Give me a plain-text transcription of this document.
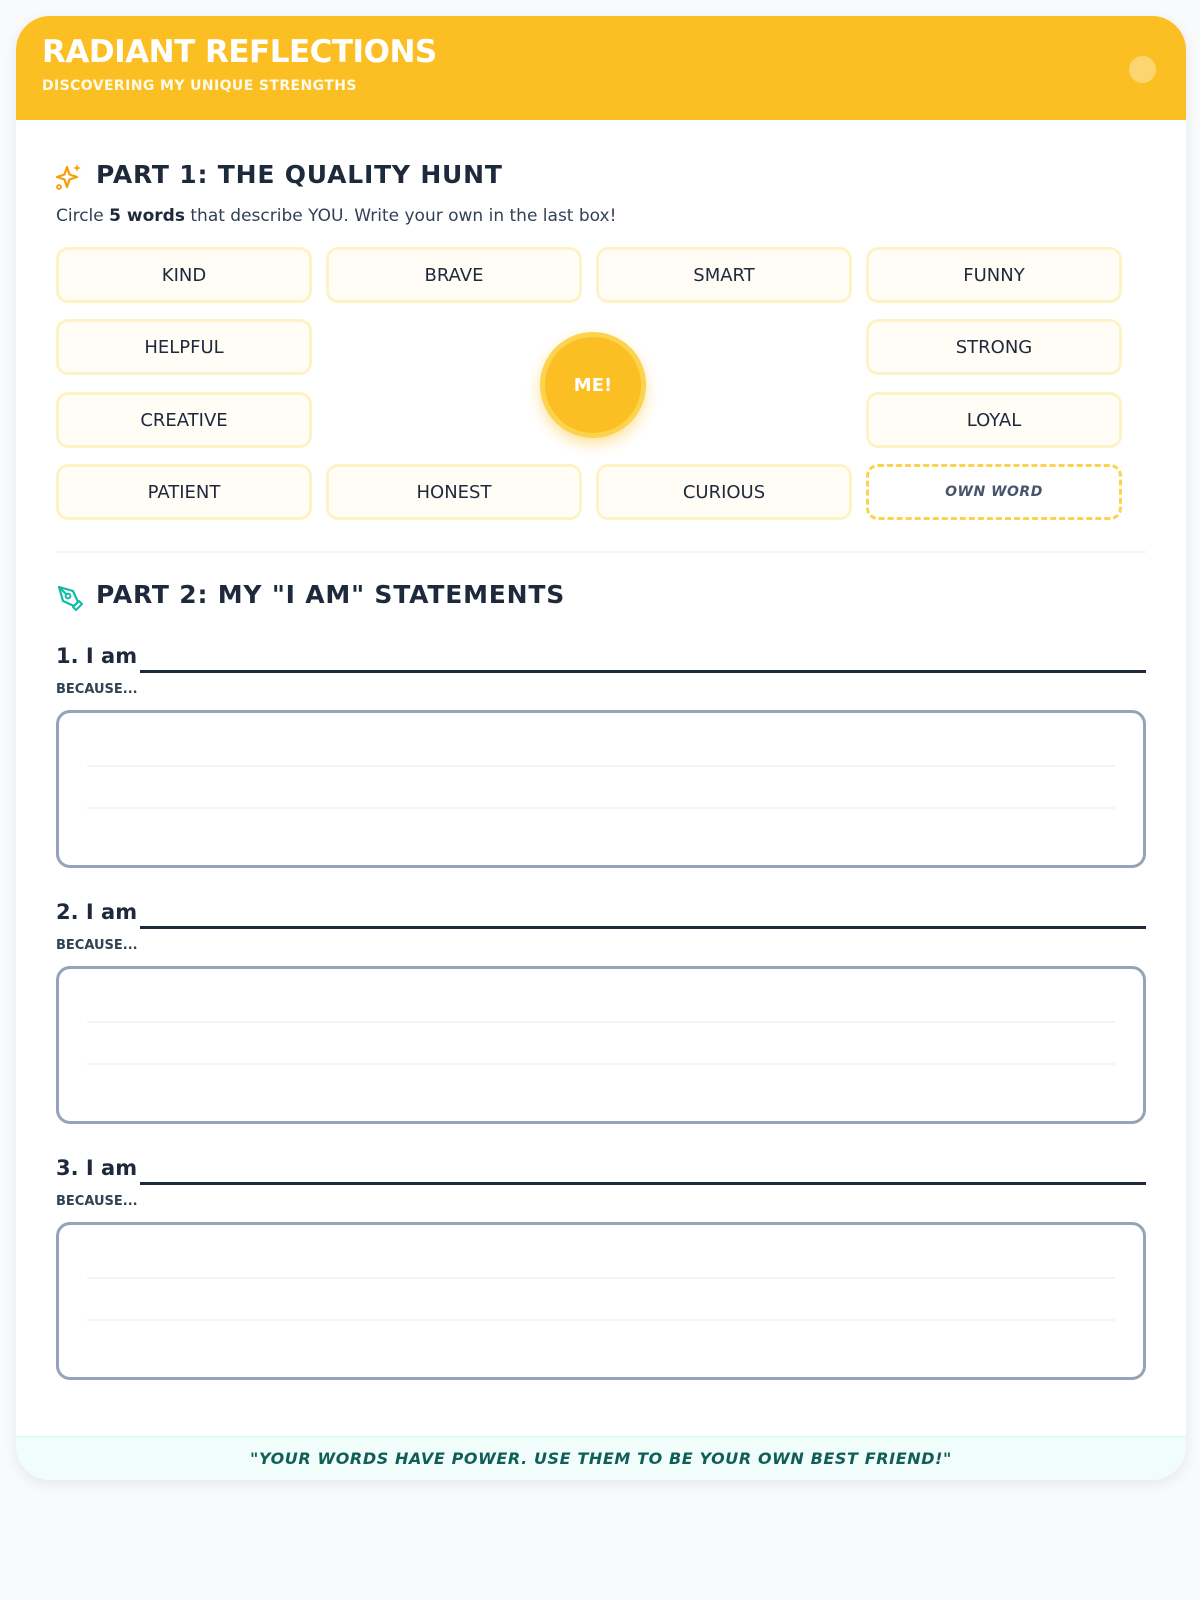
RADIANT REFLECTIONS
DISCOVERING MY UNIQUE STRENGTHS
PART 1: THE QUALITY HUNT
Circle 5 words that describe YOU. Write your own in the last box!
KIND	BRAVE	SMART	FUNNY
HELPFUL	STRONG
CREATIVE	LOYAL
PATIENT	HONEST	CURIOUS	OWN WORD
ME!
PART 2: MY "I AM" STATEMENTS
1. I am
BECAUSE...
2. I am
BECAUSE...
3. I am
BECAUSE...
"YOUR WORDS HAVE POWER. USE THEM TO BE YOUR OWN BEST FRIEND!"
